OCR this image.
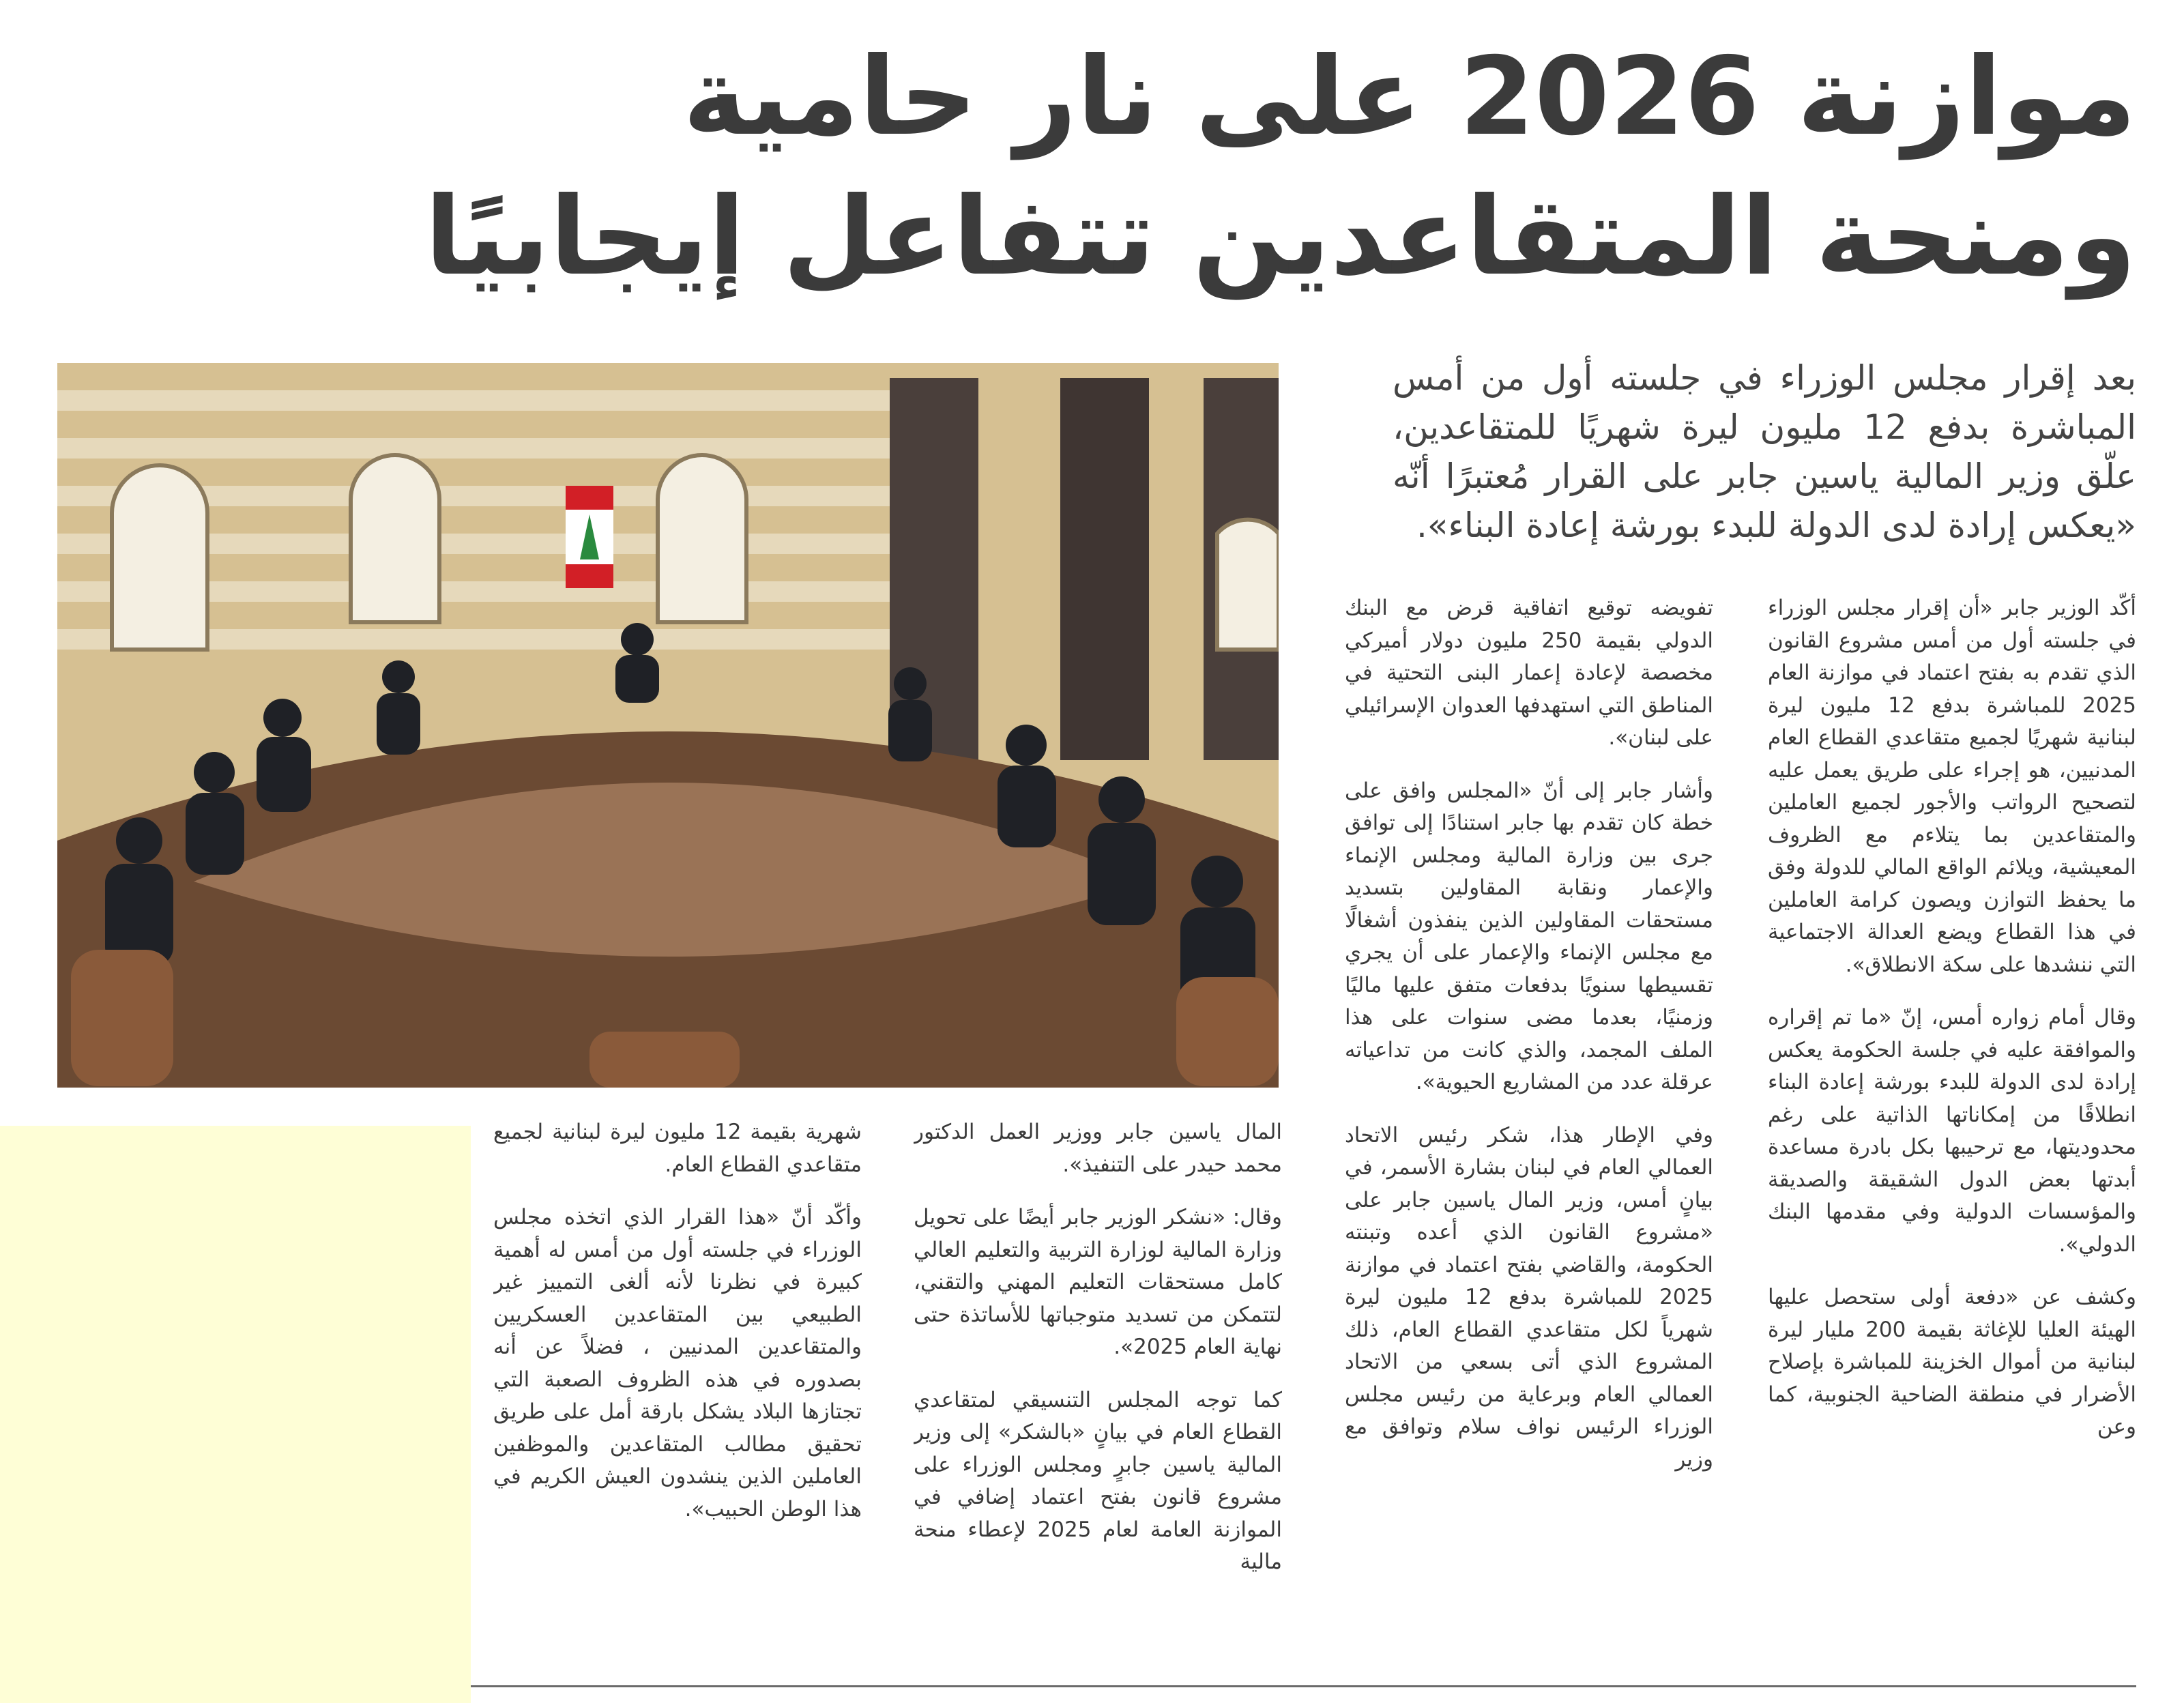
موازنة 2026 على نار حامية
ومنحة المتقاعدين تتفاعل إيجابيًا
بعد إقرار مجلس الوزراء في جلسته أول من أمس المباشرة بدفع 12 مليون ليرة شهريًا للمتقاعدين، علّق وزير المالية ياسين جابر على القرار مُعتبرًا أنّه «يعكس إرادة لدى الدولة للبدء بورشة إعادة البناء».

أكّد الوزير جابر «أن إقرار مجلس الوزراء في جلسته أول من أمس مشروع القانون الذي تقدم به بفتح اعتماد في موازنة العام 2025 للمباشرة بدفع 12 مليون ليرة لبنانية شهريًا لجميع متقاعدي القطاع العام المدنيين، هو إجراء على طريق يعمل عليه لتصحيح الرواتب والأجور لجميع العاملين والمتقاعدين بما يتلاءم مع الظروف المعيشية، ويلائم الواقع المالي للدولة وفق ما يحفظ التوازن ويصون كرامة العاملين في هذا القطاع ويضع العدالة الاجتماعية التي ننشدها على سكة الانطلاق».

وقال أمام زواره أمس، إنّ «ما تم إقراره والموافقة عليه في جلسة الحكومة يعكس إرادة لدى الدولة للبدء بورشة إعادة البناء انطلاقًا من إمكاناتها الذاتية على رغم محدوديتها، مع ترحيبها بكل بادرة مساعدة أبدتها بعض الدول الشقيقة والصديقة والمؤسسات الدولية وفي مقدمها البنك الدولي».

وكشف عن «دفعة أولى ستحصل عليها الهيئة العليا للإغاثة بقيمة 200 مليار ليرة لبنانية من أموال الخزينة للمباشرة بإصلاح الأضرار في منطقة الضاحية الجنوبية، كما وعن

تفويضه توقيع اتفاقية قرض مع البنك الدولي بقيمة 250 مليون دولار أميركي مخصصة لإعادة إعمار البنى التحتية في المناطق التي استهدفها العدوان الإسرائيلي على لبنان».

وأشار جابر إلى أنّ «المجلس وافق على خطة كان تقدم بها جابر استنادًا إلى توافق جرى بين وزارة المالية ومجلس الإنماء والإعمار ونقابة المقاولين بتسديد مستحقات المقاولين الذين ينفذون أشغالًا مع مجلس الإنماء والإعمار على أن يجري تقسيطها سنويًا بدفعات متفق عليها ماليًا وزمنيًا، بعدما مضى سنوات على هذا الملف المجمد، والذي كانت من تداعياته عرقلة عدد من المشاريع الحيوية».

وفي الإطار هذا، شكر رئيس الاتحاد العمالي العام في لبنان بشارة الأسمر، في بيانٍ أمس، وزير المال ياسين جابر على «مشروع القانون الذي أعده وتبنته الحكومة، والقاضي بفتح اعتماد في موازنة 2025 للمباشرة بدفع 12 مليون ليرة شهرياً لكل متقاعدي القطاع العام، ذلك المشروع الذي أتى بسعي من الاتحاد العمالي العام وبرعاية من رئيس مجلس الوزراء الرئيس نواف سلام وتوافق مع وزير

المال ياسين جابر ووزير العمل الدكتور محمد حيدر على التنفيذ».

وقال: «نشكر الوزير جابر أيضًا على تحويل وزارة المالية لوزارة التربية والتعليم العالي كامل مستحقات التعليم المهني والتقني، لتتمكن من تسديد متوجباتها للأساتذة حتى نهاية العام 2025».

كما توجه المجلس التنسيقي لمتقاعدي القطاع العام في بيانٍ «بالشكر» إلى وزير المالية ياسين جابرٍ ومجلس الوزراء على مشروع قانون بفتح اعتماد إضافي في الموازنة العامة لعام 2025 لإعطاء منحة مالية

شهرية بقيمة 12 مليون ليرة لبنانية لجميع متقاعدي القطاع العام.

وأكّد أنّ «هذا القرار الذي اتخذه مجلس الوزراء في جلسته أول من أمس له أهمية كبيرة في نظرنا لأنه ألغى التمييز غير الطبيعي بين المتقاعدين العسكريين والمتقاعدين المدنيين ، فضلاً عن أنه بصدوره في هذه الظروف الصعبة التي تجتازها البلاد يشكل بارقة أمل على طريق تحقيق مطالب المتقاعدين والموظفين العاملين الذين ينشدون العيش الكريم في هذا الوطن الحبيب».
